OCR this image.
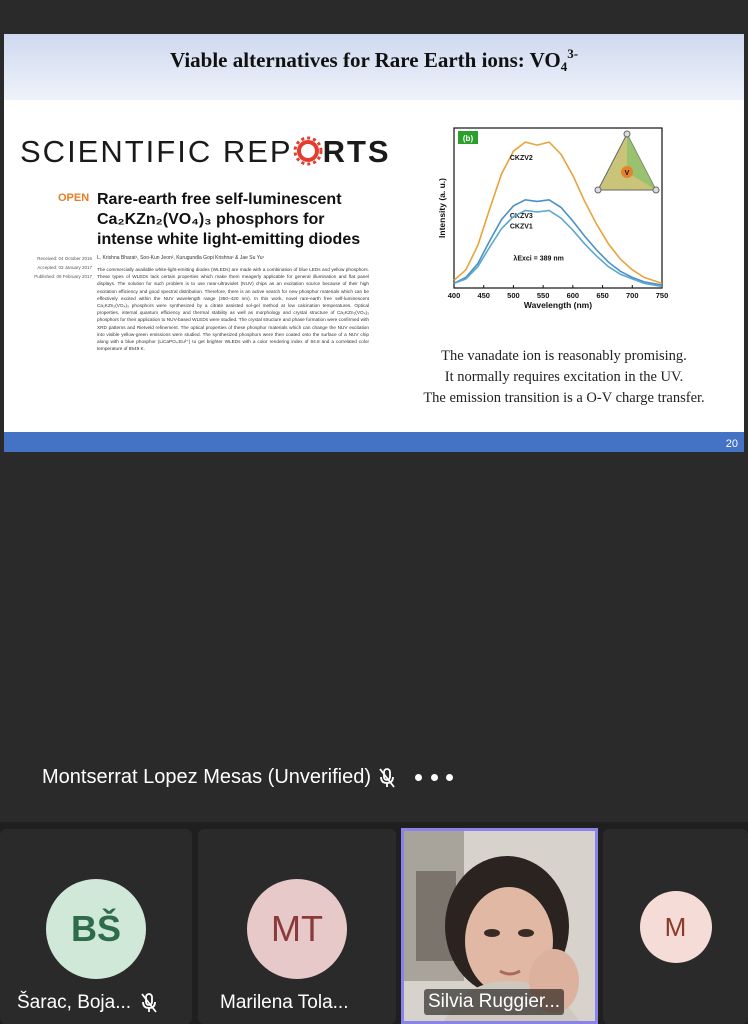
Viable alternatives for Rare Earth ions: $VO_4^{3-}$
SCIENTIFIC REP RTS
OPEN Rare-earth free self-luminescent
Ca₂KZn₂(VO₄)₃ phosphors for
intense white light-emitting diodes
Received: 04 October 2016
Accepted: 03 January 2017
Published: 09 February 2017
L. Krishna Bharat¹, Soo-Kun Jeon², Kurugundla Gopi Krishna¹ & Jae Su Yu¹
The commercially available white-light-emitting diodes (WLEDs) are made with a combination of blue LEDs and yellow phosphors. These types of WLEDs lack certain properties which make them meagerly applicable for general illumination and flat panel displays. The solution for such problem is to use near-ultraviolet (NUV) chips as an excitation source because of their high excitation efficiency and good spectral distribution. Therefore, there is an active search for new phosphor materials which can be effectively excited within the NUV wavelength range (350–420 nm). In this work, novel rare-earth free self-luminescent Ca₂KZn₂(VO₄)₃ phosphors were synthesized by a citrate assisted sol-gel method at low calcination temperatures. Optical properties, internal quantum efficiency and thermal stability as well as morphology and crystal structure of Ca₂KZn₂(VO₄)₃ phosphors for their application to NUV-based WLEDs were studied. The crystal structure and phase formation were confirmed with XRD patterns and Rietveld refinement. The optical properties of these phosphor materials which can change the NUV excitation into visible yellow-green emissions were studied. The synthesized phosphors were then coated onto the surface of a NUV chip along with a blue phosphor (LiCaPO₄:Eu²⁺) to get brighter WLEDs with a color rendering index of 94.8 and a correlated color temperature of 8549 K.
(b)
400 450 500 550 600 650 700 750
Wavelength (nm)
Intensity (a. u.)
CKZV2
CKZV3
CKZV1
λExci = 389 nm
V
The vanadate ion is reasonably promising.
It normally requires excitation in the UV.
The emission transition is a O-V charge transfer.
20
Montserrat Lopez Mesas (Unverified)
BŠ
Šarac, Boja...
MT
Marilena Tola...	Silvia Ruggier...
M
